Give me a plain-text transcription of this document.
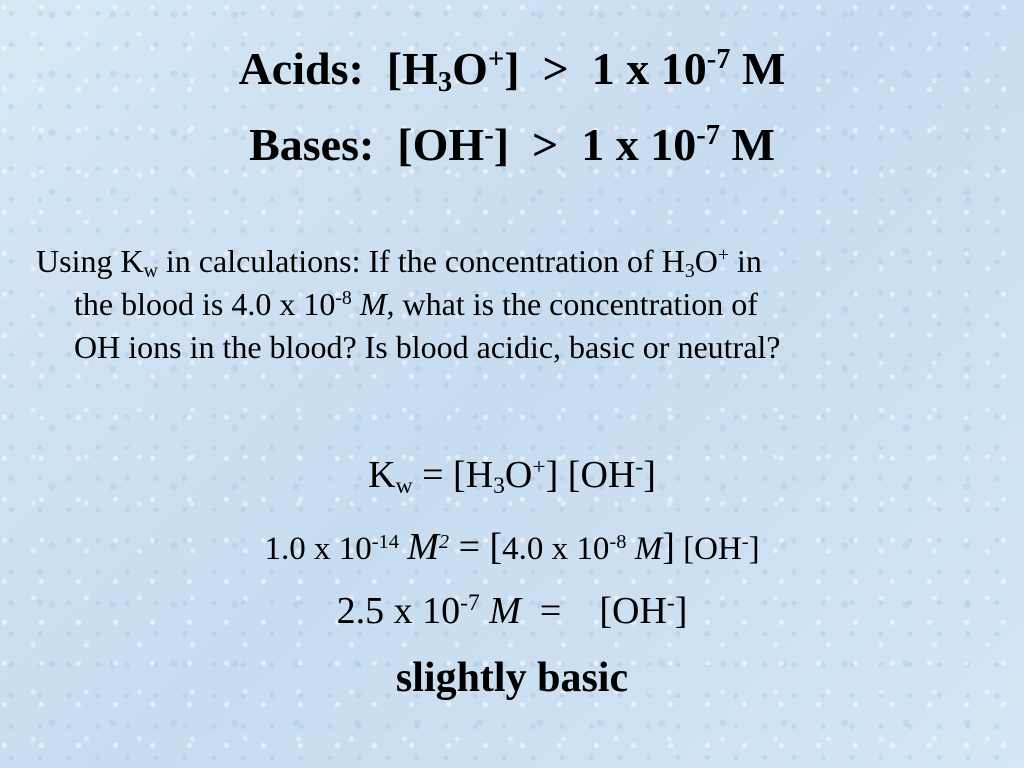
Acids: $[H_3O^+] > 1$ x $10^{-7}$ M
Bases: [OH-] > 1 x $10^{-7}$ M
Using $K_w$ in calculations: If the concentration of $H_3O^+$ in
the blood is 4.0 x $10^{-8}$ M, what is the concentration of
OH ions in the blood? Is blood acidic, basic or neutral?
$K_w = [H_3O^+]$ [OH-]
1.0 x $10^{-14}$ $M^2 = [4.0$ x $10^{-8}$ M] [OH-]
2.5 x $10^{-7}$ M  =    [OH-]
slightly basic
